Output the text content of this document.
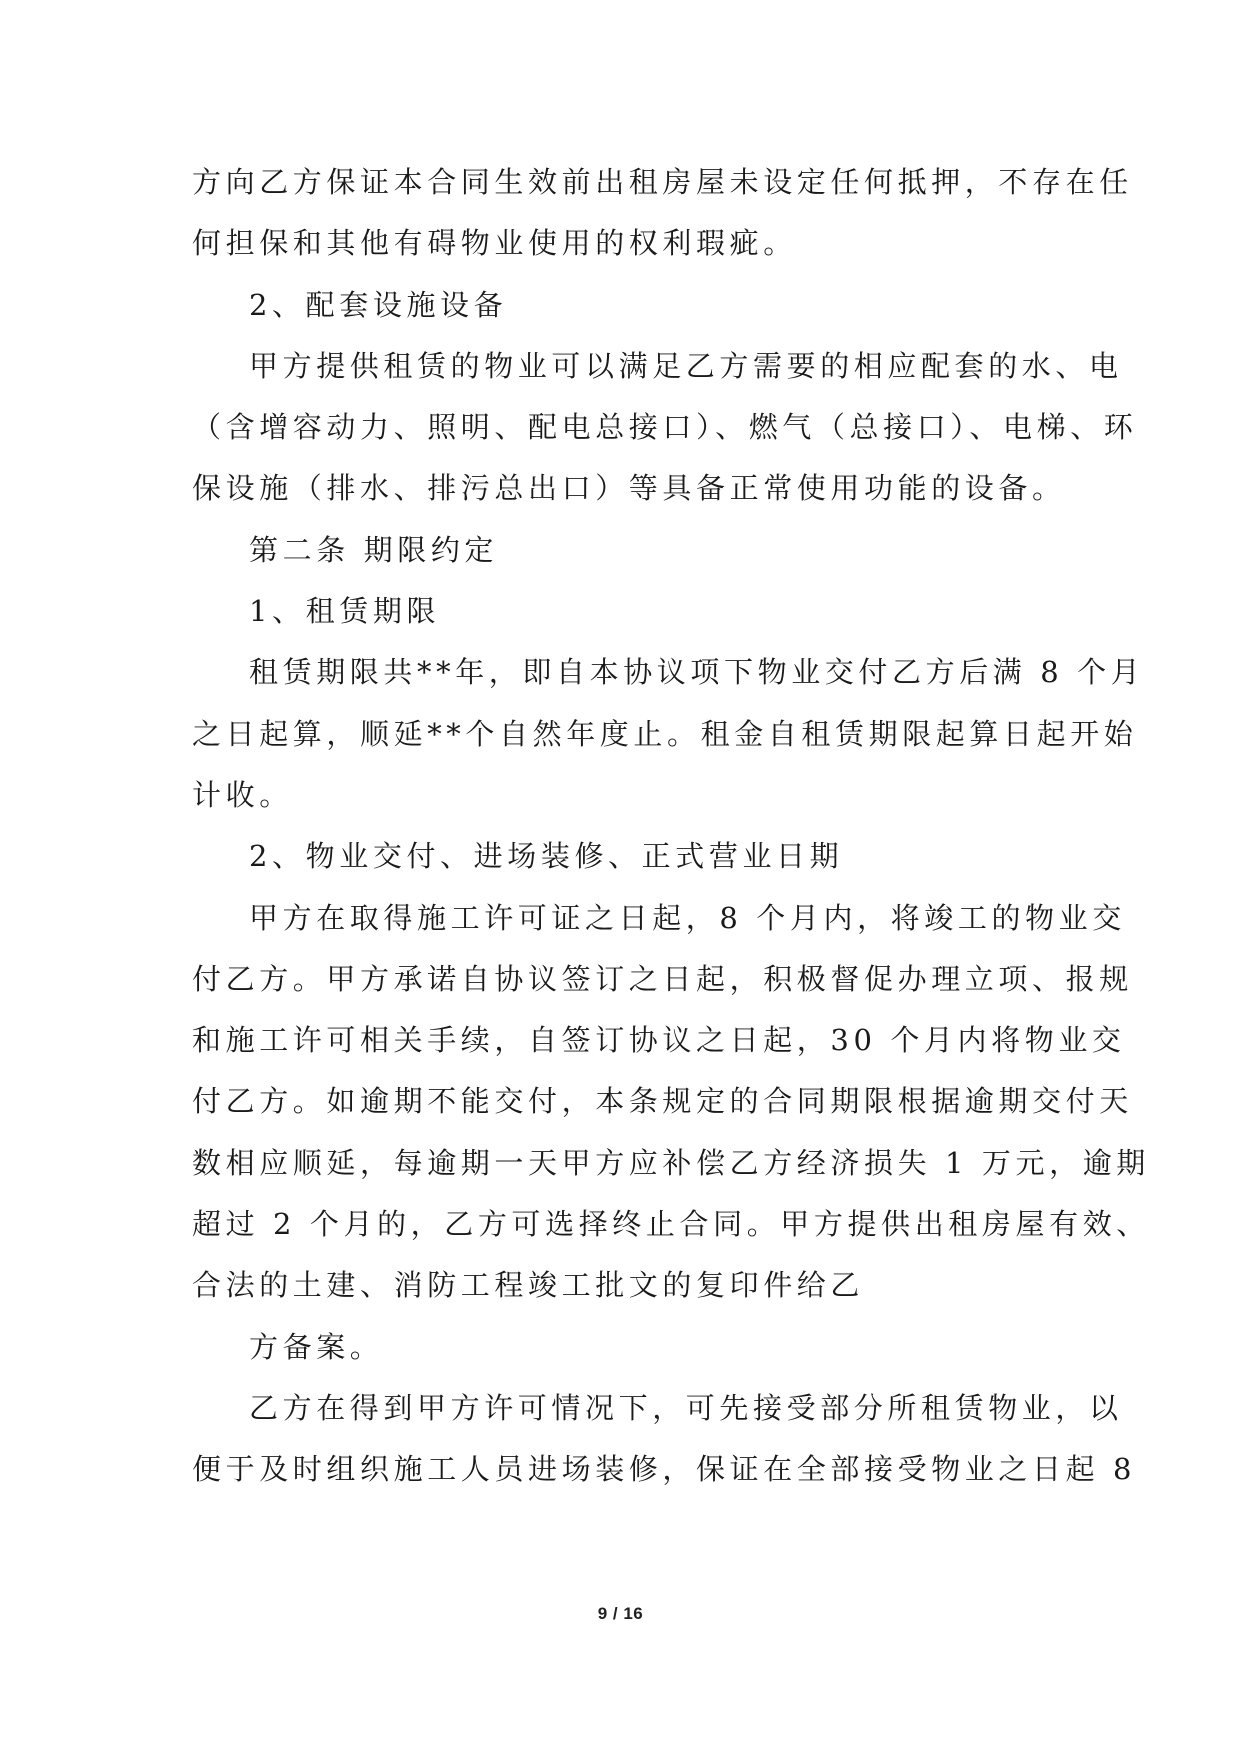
方向乙方保证本合同生效前出租房屋未设定任何抵押，不存在任
何担保和其他有碍物业使用的权利瑕疵。
2、配套设施设备
甲方提供租赁的物业可以满足乙方需要的相应配套的水、电
（含增容动力、照明、配电总接口）、燃气（总接口）、电梯、环
保设施（排水、排污总出口）等具备正常使用功能的设备。
第二条 期限约定
1、租赁期限
租赁期限共**年，即自本协议项下物业交付乙方后满 8 个月
之日起算，顺延**个自然年度止。租金自租赁期限起算日起开始
计收。
2、物业交付、进场装修、正式营业日期
甲方在取得施工许可证之日起，8 个月内，将竣工的物业交
付乙方。甲方承诺自协议签订之日起，积极督促办理立项、报规
和施工许可相关手续，自签订协议之日起，30 个月内将物业交
付乙方。如逾期不能交付，本条规定的合同期限根据逾期交付天
数相应顺延，每逾期一天甲方应补偿乙方经济损失 1 万元，逾期
超过 2 个月的，乙方可选择终止合同。甲方提供出租房屋有效、
合法的土建、消防工程竣工批文的复印件给乙
方备案。
乙方在得到甲方许可情况下，可先接受部分所租赁物业，以
便于及时组织施工人员进场装修，保证在全部接受物业之日起 8
9 / 16
